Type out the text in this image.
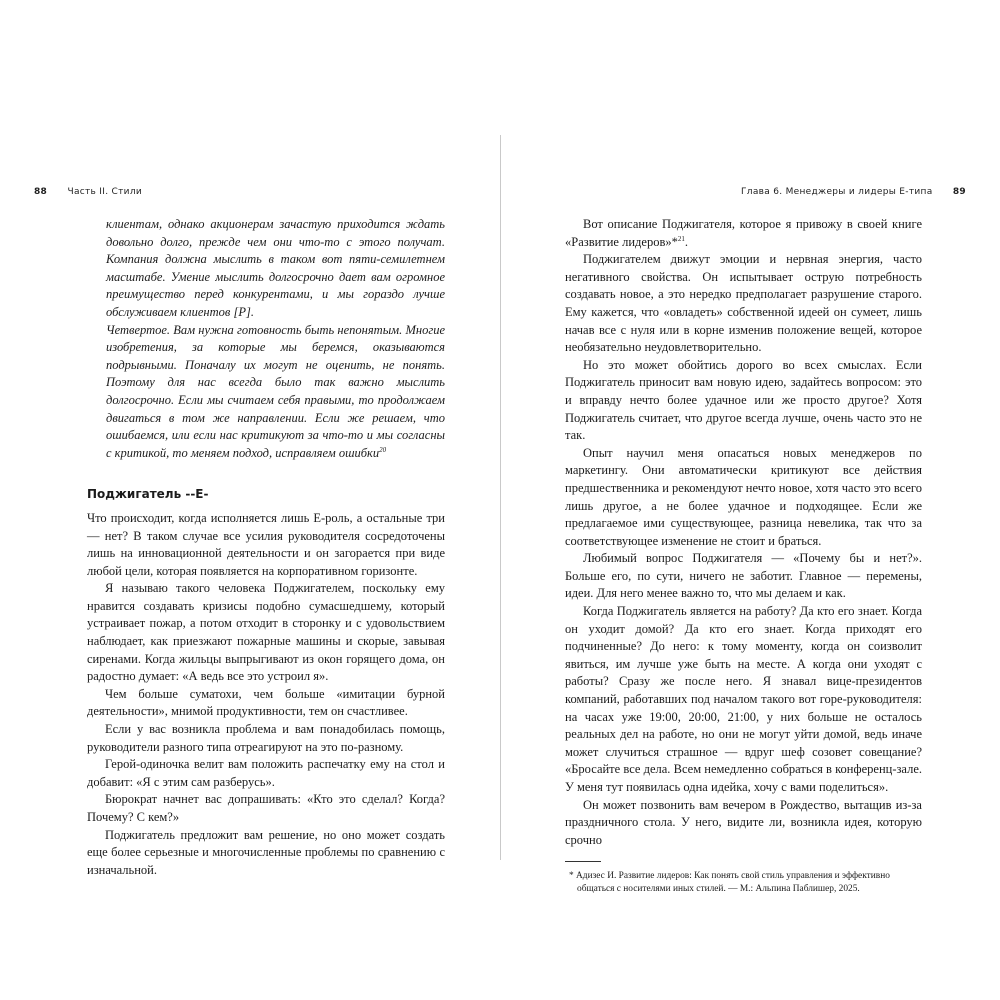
88 Часть II. Стили

клиентам, однако акционерам зачастую приходится ждать довольно долго, прежде чем они что-то с этого получат. Компания должна мыслить в таком вот пяти-семилетнем масштабе. Умение мыслить долгосрочно дает вам огромное преимущество перед конкурентами, и мы гораздо лучше обслуживаем клиентов [P].

Четвертое. Вам нужна готовность быть непонятым. Многие изобретения, за которые мы беремся, оказываются подрывными. Поначалу их могут не оценить, не понять. Поэтому для нас всегда было так важно мыслить долгосрочно. Если мы считаем себя правыми, то продолжаем двигаться в том же направлении. Если же решаем, что ошибаемся, или если нас критикуют за что-то и мы согласны с критикой, то меняем подход, исправляем ошибки$^{20}$

Поджигатель --E-

Что происходит, когда исполняется лишь E-роль, а остальные три — нет? В таком случае все усилия руководителя сосредоточены лишь на инновационной деятельности и он загорается при виде любой цели, которая появляется на корпоративном горизонте.

Я называю такого человека Поджигателем, поскольку ему нравится создавать кризисы подобно сумасшедшему, который устраивает пожар, а потом отходит в сторонку и с удовольствием наблюдает, как приезжают пожарные машины и скорые, завывая сиренами. Когда жильцы выпрыгивают из окон горящего дома, он радостно думает: «А ведь все это устроил я».

Чем больше суматохи, чем больше «имитации бурной деятельности», мнимой продуктивности, тем он счастливее.

Если у вас возникла проблема и вам понадобилась помощь, руководители разного типа отреагируют на это по-разному.

Герой-одиночка велит вам положить распечатку ему на стол и добавит: «Я с этим сам разберусь».

Бюрократ начнет вас допрашивать: «Кто это сделал? Когда? Почему? С кем?»

Поджигатель предложит вам решение, но оно может создать еще более серьезные и многочисленные проблемы по сравнению с изначальной.

Глава 6. Менеджеры и лидеры E-типа 89

Вот описание Поджигателя, которое я привожу в своей книге «Развитие лидеров»*$^{21}$.

Поджигателем движут эмоции и нервная энергия, часто негативного свойства. Он испытывает острую потребность создавать новое, а это нередко предполагает разрушение старого. Ему кажется, что «овладеть» собственной идеей он сумеет, лишь начав все с нуля или в корне изменив положение вещей, которое необязательно неудовлетворительно.

Но это может обойтись дорого во всех смыслах. Если Поджигатель приносит вам новую идею, задайтесь вопросом: это и вправду нечто более удачное или же просто другое? Хотя Поджигатель считает, что другое всегда лучше, очень часто это не так.

Опыт научил меня опасаться новых менеджеров по маркетингу. Они автоматически критикуют все действия предшественника и рекомендуют нечто новое, хотя часто это всего лишь другое, а не более удачное и подходящее. Если же предлагаемое ими существующее, разница невелика, так что за соответствующее изменение не стоит и браться.

Любимый вопрос Поджигателя — «Почему бы и нет?». Больше его, по сути, ничего не заботит. Главное — перемены, идеи. Для него менее важно то, что мы делаем и как.

Когда Поджигатель является на работу? Да кто его знает. Когда он уходит домой? Да кто его знает. Когда приходят его подчиненные? До него: к тому моменту, когда он соизволит явиться, им лучше уже быть на месте. А когда они уходят с работы? Сразу же после него. Я знавал вице-президентов компаний, работавших под началом такого вот горе-руководителя: на часах уже 19:00, 20:00, 21:00, у них больше не осталось реальных дел на работе, но они не могут уйти домой, ведь иначе может случиться страшное — вдруг шеф созовет совещание? «Бросайте все дела. Всем немедленно собраться в конференц-зале. У меня тут появилась одна идейка, хочу с вами поделиться».

Он может позвонить вам вечером в Рождество, вытащив из-за праздничного стола. У него, видите ли, возникла идея, которую срочно

* Адизес И. Развитие лидеров: Как понять свой стиль управления и эффективно общаться с носителями иных стилей. — М.: Альпина Паблишер, 2025.
